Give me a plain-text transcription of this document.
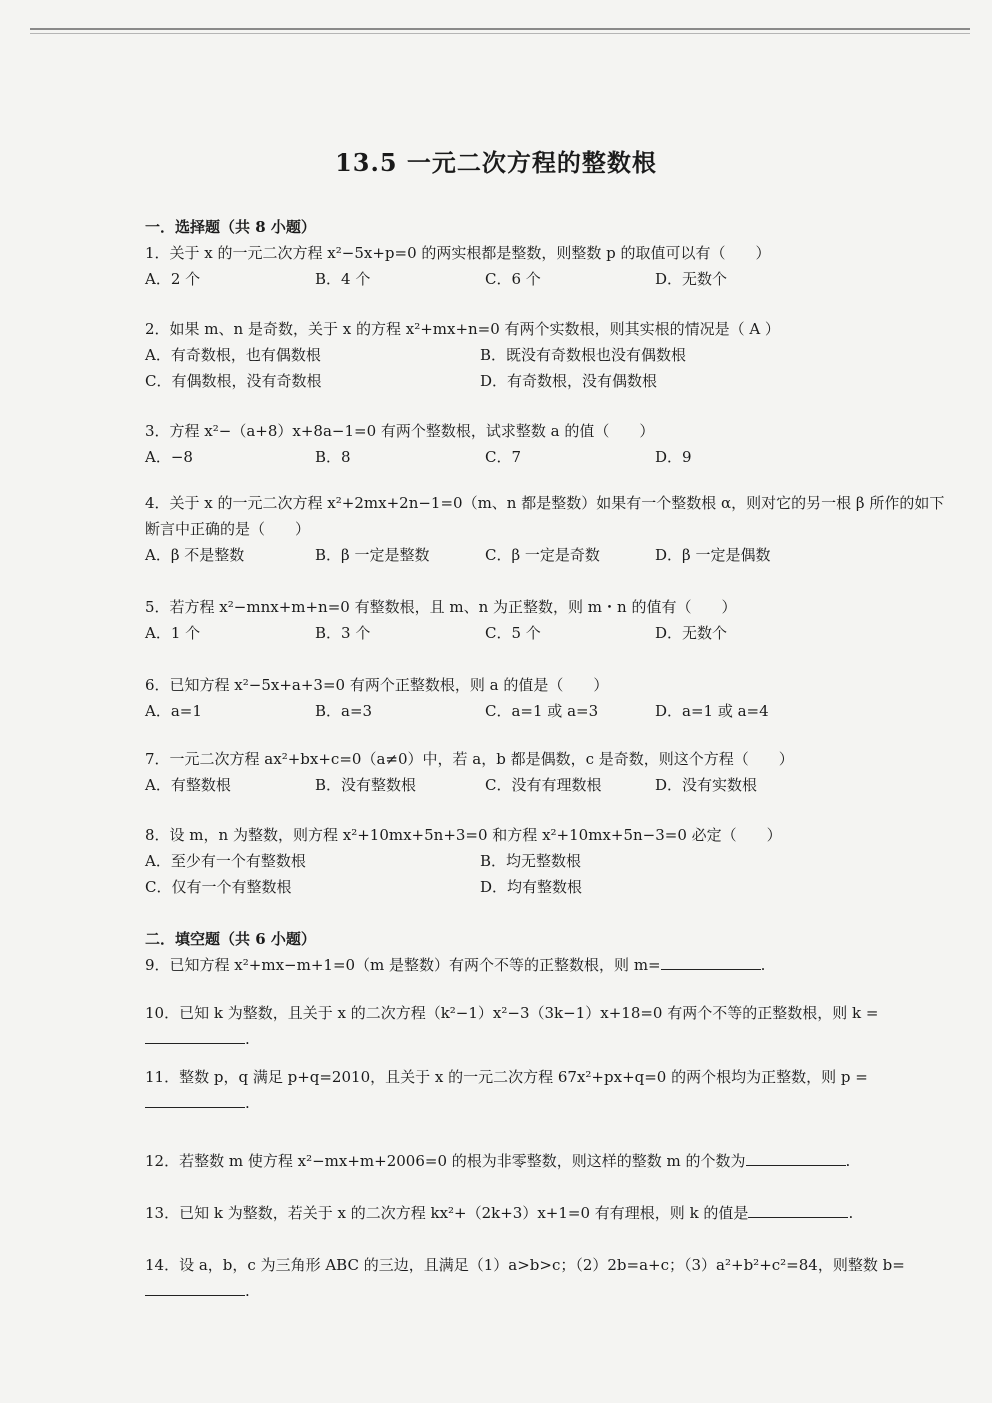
13.5 一元二次方程的整数根
一．选择题（共 8 小题）
1．关于 x 的一元二次方程 x²−5x+p=0 的两实根都是整数，则整数 p 的取值可以有（　　）
A．2 个	B．4 个	C．6 个	D．无数个
2．如果 m、n 是奇数，关于 x 的方程 x²+mx+n=0 有两个实数根，则其实根的情况是（ A ）
A．有奇数根，也有偶数根	B．既没有奇数根也没有偶数根
C．有偶数根，没有奇数根	D．有奇数根，没有偶数根
3．方程 x²−（a+8）x+8a−1=0 有两个整数根，试求整数 a 的值（　　）
A．−8	B．8	C．7	D．9
4．关于 x 的一元二次方程 x²+2mx+2n−1=0（m、n 都是整数）如果有一个整数根 α，则对它的另一根 β 所作的如下断言中正确的是（　　）
A．β 不是整数	B．β 一定是整数	C．β 一定是奇数	D．β 一定是偶数
5．若方程 x²−mnx+m+n=0 有整数根，且 m、n 为正整数，则 m・n 的值有（　　）
A．1 个	B．3 个	C．5 个	D．无数个
6．已知方程 x²−5x+a+3=0 有两个正整数根，则 a 的值是（　　）
A．a=1	B．a=3	C．a=1 或 a=3	D．a=1 或 a=4
7．一元二次方程 ax²+bx+c=0（a≠0）中，若 a，b 都是偶数，c 是奇数，则这个方程（　　）
A．有整数根	B．没有整数根	C．没有有理数根	D．没有实数根
8．设 m，n 为整数，则方程 x²+10mx+5n+3=0 和方程 x²+10mx+5n−3=0 必定（　　）
A．至少有一个有整数根	B．均无整数根
C．仅有一个有整数根	D．均有整数根
二．填空题（共 6 小题）
9．已知方程 x²+mx−m+1=0（m 是整数）有两个不等的正整数根，则 m=	.
10．已知 k 为整数，且关于 x 的二次方程（k²−1）x²−3（3k−1）x+18=0 有两个不等的正整数根，则 k =.
11．整数 p，q 满足 p+q=2010，且关于 x 的一元二次方程 67x²+px+q=0 的两个根均为正整数，则 p =.
12．若整数 m 使方程 x²−mx+m+2006=0 的根为非零整数，则这样的整数 m 的个数为	.
13．已知 k 为整数，若关于 x 的二次方程 kx²+（2k+3）x+1=0 有有理根，则 k 的值是	.
14．设 a，b，c 为三角形 ABC 的三边，且满足（1）a>b>c；（2）2b=a+c；（3）a²+b²+c²=84，则整数 b=.
